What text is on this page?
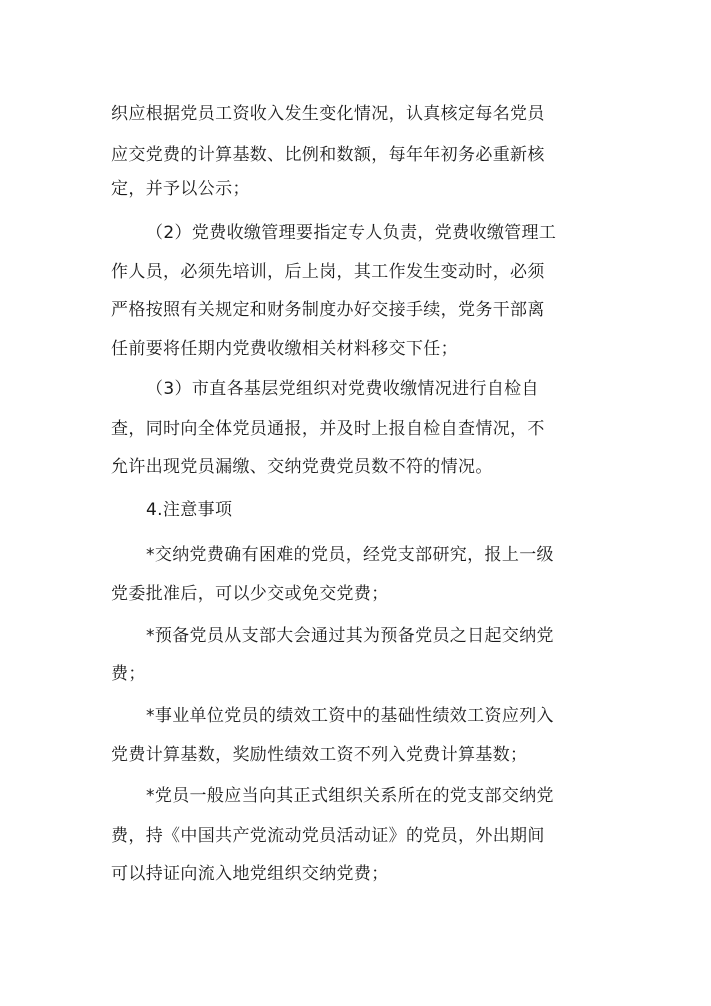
织应根据党员工资收入发生变化情况，认真核定每名党员
应交党费的计算基数、比例和数额，每年年初务必重新核
定，并予以公示；
（2）党费收缴管理要指定专人负责，党费收缴管理工
作人员，必须先培训，后上岗，其工作发生变动时，必须
严格按照有关规定和财务制度办好交接手续，党务干部离
任前要将任期内党费收缴相关材料移交下任；
（3）市直各基层党组织对党费收缴情况进行自检自
查，同时向全体党员通报，并及时上报自检自查情况，不
允许出现党员漏缴、交纳党费党员数不符的情况。
4.注意事项
*交纳党费确有困难的党员，经党支部研究，报上一级
党委批准后，可以少交或免交党费；
*预备党员从支部大会通过其为预备党员之日起交纳党
费；
*事业单位党员的绩效工资中的基础性绩效工资应列入
党费计算基数，奖励性绩效工资不列入党费计算基数；
*党员一般应当向其正式组织关系所在的党支部交纳党
费，持《中国共产党流动党员活动证》的党员，外出期间
可以持证向流入地党组织交纳党费；
